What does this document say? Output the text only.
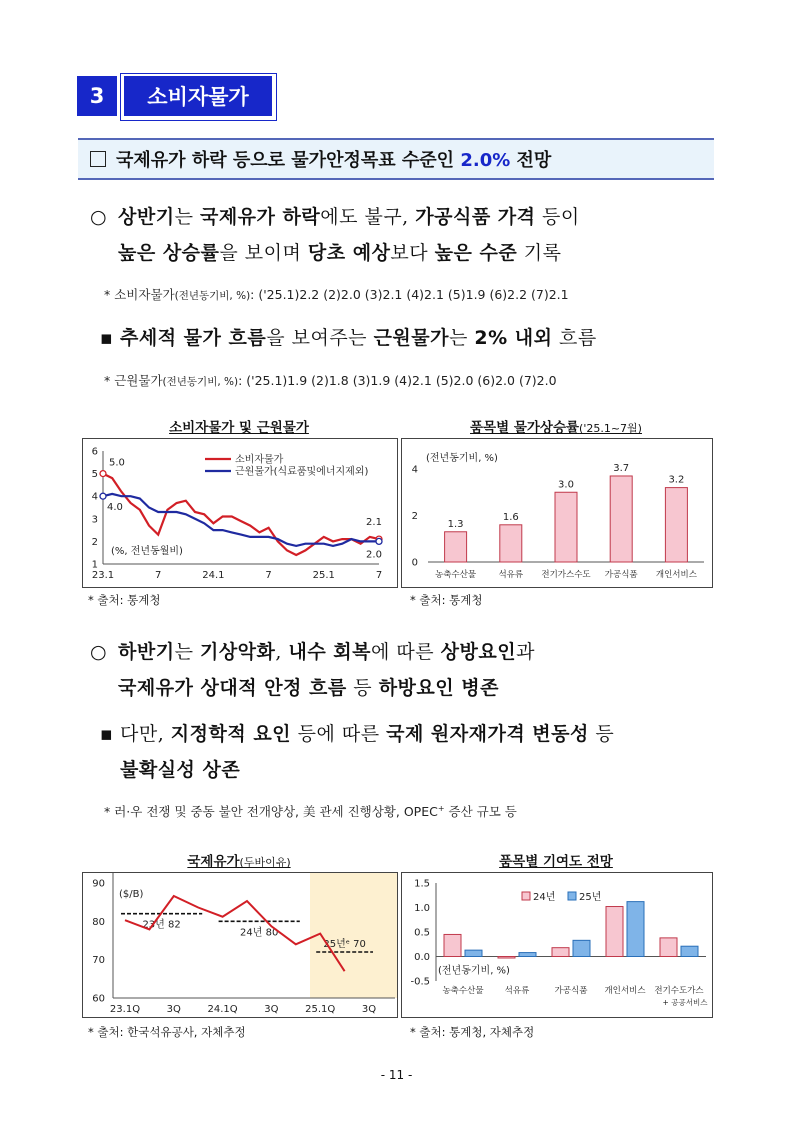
3	소비자물가
국제유가 하락 등으로 물가안정목표 수준인 2.0% 전망
○ 상반기는 국제유가 하락에도 불구, 가공식품 가격 등이
높은 상승률을 보이며 당초 예상보다 높은 수준 기록
* 소비자물가(전년동기비, %): ('25.1)2.2 (2)2.0 (3)2.1 (4)2.1 (5)1.9 (6)2.2 (7)2.1
▪ 추세적 물가 흐름을 보여주는 근원물가는 2% 내외 흐름
* 근원물가(전년동기비, %): ('25.1)1.9 (2)1.8 (3)1.9 (4)2.1 (5)2.0 (6)2.0 (7)2.0
소비자물가 및 근원물가
1
2
3
4
5
6
23.1	7	24.1	7	25.1	7
5.0
4.0
2.1
2.0
(%, 전년동월비)
소비자물가
근원물가(식료품및에너지제외)
* 출처: 통계청
품목별 물가상승률('25.1~7월)
0
2
4
(전년동기비, %)
1.3
농축수산물
1.6
석유류
3.0
전기가스수도
3.7
가공식품
3.2
개인서비스
* 출처: 통계청
○ 하반기는 기상악화, 내수 회복에 따른 상방요인과
국제유가 상대적 안정 흐름 등 하방요인 병존
▪ 다만, 지정학적 요인 등에 따른 국제 원자재가격 변동성 등
불확실성 상존
* 러·우 전쟁 및 중동 불안 전개양상, 美 관세 진행상황, OPEC+ 증산 규모 등
국제유가(두바이유)
60
70
80
90
23.1Q	3Q	24.1Q	3Q	25.1Q	3Q
($/B)
23년 82
24년 80
25년ᵉ 70
* 출처: 한국석유공사, 자체추정
품목별 기여도 전망
-0.5
0.0
0.5
1.0
1.5
(전년동기비, %)
24년 25년
농축수산물 석유류	가공식품 개인서비스 전기수도가스
+ 공공서비스
* 출처: 통계청, 자체추정
- 11 -
